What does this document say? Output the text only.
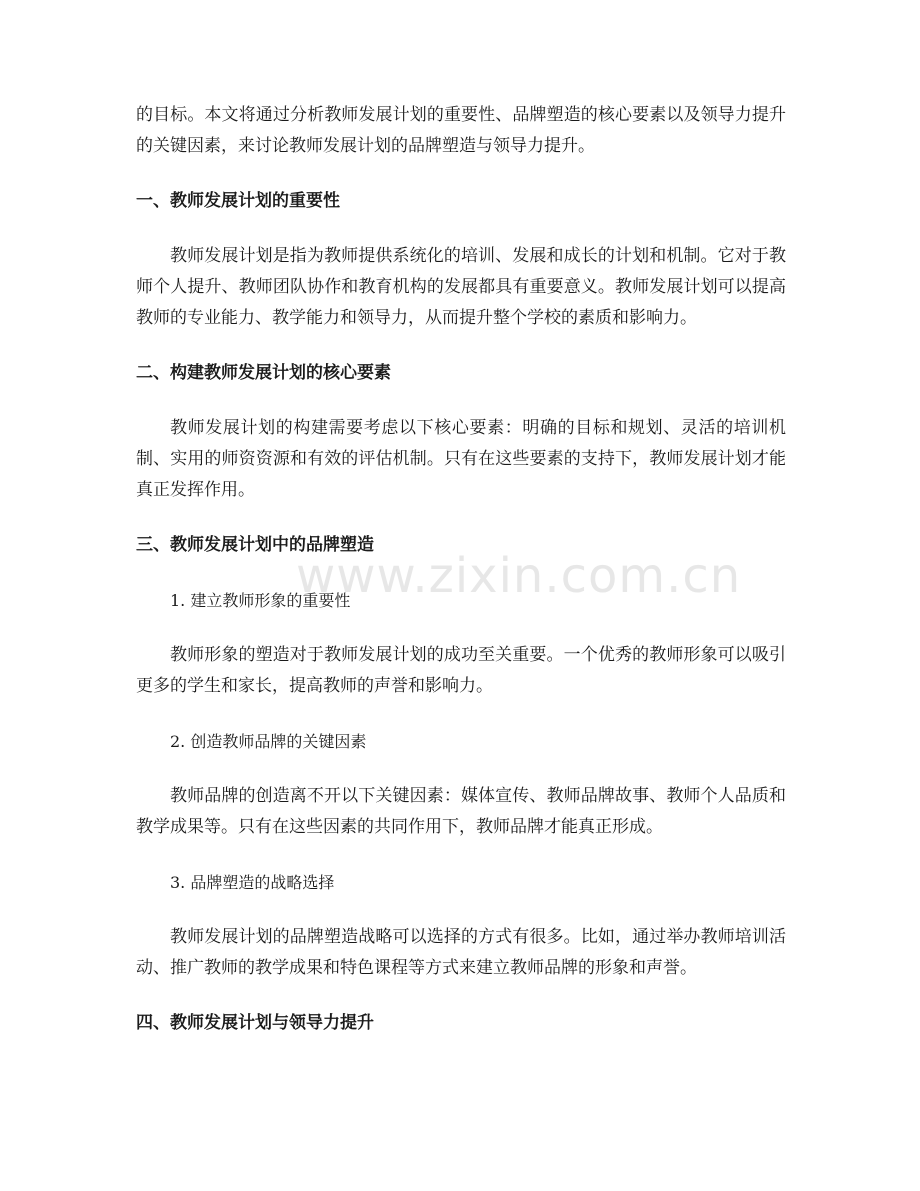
的目标。本文将通过分析教师发展计划的重要性、品牌塑造的核心要素以及领导力提升的关键因素，来讨论教师发展计划的品牌塑造与领导力提升。

一、教师发展计划的重要性

教师发展计划是指为教师提供系统化的培训、发展和成长的计划和机制。它对于教师个人提升、教师团队协作和教育机构的发展都具有重要意义。教师发展计划可以提高教师的专业能力、教学能力和领导力，从而提升整个学校的素质和影响力。

二、构建教师发展计划的核心要素

教师发展计划的构建需要考虑以下核心要素：明确的目标和规划、灵活的培训机制、实用的师资资源和有效的评估机制。只有在这些要素的支持下，教师发展计划才能真正发挥作用。

三、教师发展计划中的品牌塑造

1. 建立教师形象的重要性

教师形象的塑造对于教师发展计划的成功至关重要。一个优秀的教师形象可以吸引更多的学生和家长，提高教师的声誉和影响力。

2. 创造教师品牌的关键因素

教师品牌的创造离不开以下关键因素：媒体宣传、教师品牌故事、教师个人品质和教学成果等。只有在这些因素的共同作用下，教师品牌才能真正形成。

3. 品牌塑造的战略选择

教师发展计划的品牌塑造战略可以选择的方式有很多。比如，通过举办教师培训活动、推广教师的教学成果和特色课程等方式来建立教师品牌的形象和声誉。

四、教师发展计划与领导力提升
www.zixin.com.cn
